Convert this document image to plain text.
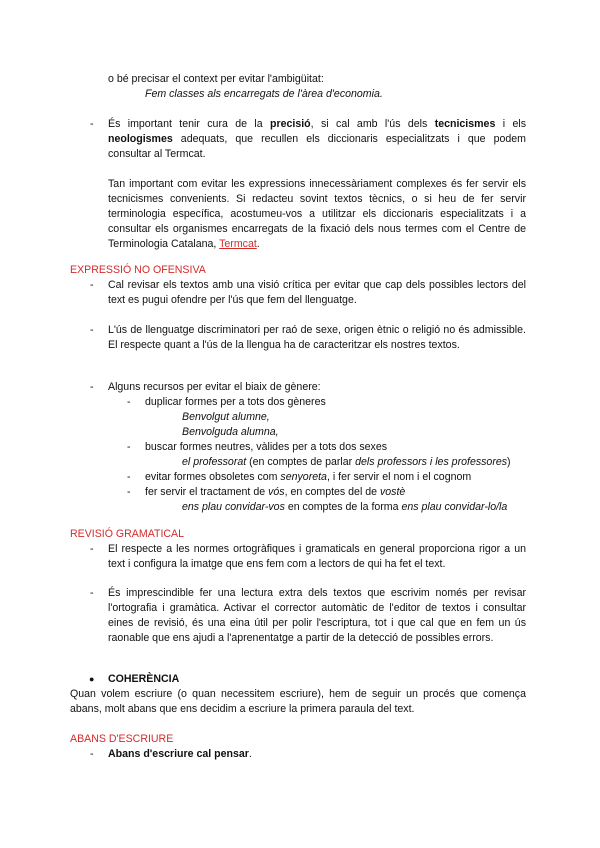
o bé precisar el context per evitar l'ambigüitat:
Fem classes als encarregats de l'àrea d'economia.
- És important tenir cura de la precisió, si cal amb l'ús dels tecnicismes i els neologismes adequats, que recullen els diccionaris especialitzats i que podem consultar al Termcat.

Tan important com evitar les expressions innecessàriament complexes és fer servir els tecnicismes convenients. Si redacteu sovint textos tècnics, o si heu de fer servir terminologia específica, acostumeu-vos a utilitzar els diccionaris especialitzats i a consultar els organismes encarregats de la fixació dels nous termes com el Centre de Terminologia Catalana, Termcat.

EXPRESSIÓ NO OFENSIVA
- Cal revisar els textos amb una visió crítica per evitar que cap dels possibles lectors del text es pugui ofendre per l'ús que fem del llenguatge.

- L'ús de llenguatge discriminatori per raó de sexe, origen ètnic o religió no és admissible. El respecte quant a l'ús de la llengua ha de caracteritzar els nostres textos.

- Alguns recursos per evitar el biaix de gènere:
- duplicar formes per a tots dos gèneres
Benvolgut alumne,
Benvolguda alumna,
- buscar formes neutres, vàlides per a tots dos sexes
el professorat (en comptes de parlar dels professors i les professores)
- evitar formes obsoletes com senyoreta, i fer servir el nom i el cognom
- fer servir el tractament de vós, en comptes del de vostè
ens plau convidar-vos en comptes de la forma ens plau convidar-lo/la
REVISIÓ GRAMATICAL
- El respecte a les normes ortogràfiques i gramaticals en general proporciona rigor a un text i configura la imatge que ens fem com a lectors de qui ha fet el text.

- És imprescindible fer una lectura extra dels textos que escrivim només per revisar l'ortografia i gramàtica. Activar el corrector automàtic de l'editor de textos i consultar eines de revisió, és una eina útil per polir l'escriptura, tot i que cal que en fem un ús raonable que ens ajudi a l'aprenentatge a partir de la detecció de possibles errors.

● COHERÈNCIA

Quan volem escriure (o quan necessitem escriure), hem de seguir un procés que comença abans, molt abans que ens decidim a escriure la primera paraula del text.

ABANS D'ESCRIURE
- Abans d'escriure cal pensar.
